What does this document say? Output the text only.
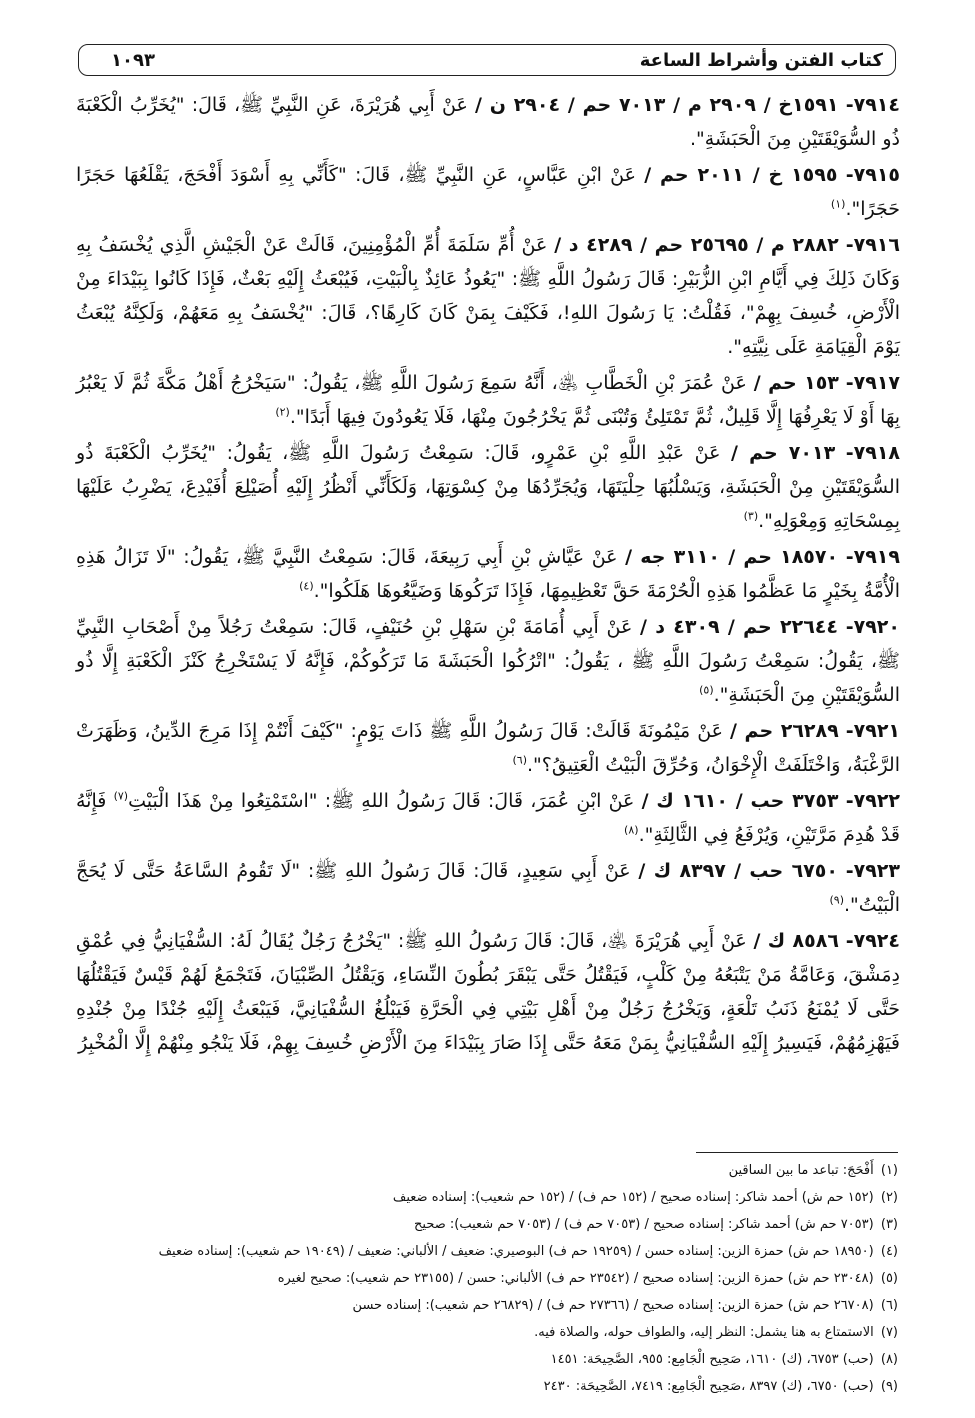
كتاب الفتن وأشراط الساعة
١٠٩٣

٧٩١٤- ١٥٩١خ / ٢٩٠٩ م / ٧٠١٣ حم / ٢٩٠٤ ن / عَنْ أَبِي هُرَيْرَةَ، عَنِ النَّبِيِّ ﷺ، قَالَ: "يُخَرِّبُ الْكَعْبَةَ ذُو السُّوَيْقَتَيْنِ مِنَ الْحَبَشَةِ".

٧٩١٥- ١٥٩٥ خ / ٢٠١١ حم / عَنْ ابْنِ عَبَّاسٍ، عَنِ النَّبِيِّ ﷺ، قَالَ: "كَأَنِّي بِهِ أَسْوَدَ أَفْحَجَ، يَقْلَعُهَا حَجَرًا حَجَرًا".$^{(١)}$

٧٩١٦- ٢٨٨٢ م / ٢٥٦٩٥ حم / ٤٢٨٩ د / عَنْ أُمِّ سَلَمَةَ أُمِّ الْمُؤْمِنِينَ، قَالَتْ عَنْ الْجَيْشِ الَّذِي يُخْسَفُ بِهِ وَكَانَ ذَلِكَ فِي أَيَّامِ ابْنِ الزُّبَيْرِ: قَالَ رَسُولُ اللَّهِ ﷺ: "يَعُوذُ عَائِذٌ بِالْبَيْتِ، فَيُبْعَثُ إِلَيْهِ بَعْثٌ، فَإِذَا كَانُوا بِبَيْدَاءَ مِنْ الْأَرْضِ، خُسِفَ بِهِمْ"، فَقُلْتُ: يَا رَسُولَ اللهِ!، فَكَيْفَ بِمَنْ كَانَ كَارِهًا؟، قَالَ: "يُخْسَفُ بِهِ مَعَهُمْ، وَلَكِنَّهُ يُبْعَثُ يَوْمَ الْقِيَامَةِ عَلَى نِيَّتِهِ".

٧٩١٧- ١٥٣ حم / عَنْ عُمَرَ بْنِ الْخَطَّابِ ﵁، أَنَّهُ سَمِعَ رَسُولَ اللَّهِ ﷺ، يَقُولُ: "سَيَخْرُجُ أَهْلُ مَكَّةَ ثُمَّ لَا يَعْبُرُ بِهَا أَوْ لَا يَعْرِفُهَا إِلَّا قَلِيلٌ، ثُمَّ تَمْتَلِئُ وَتُبْنَى ثُمَّ يَخْرُجُونَ مِنْهَا، فَلَا يَعُودُونَ فِيهَا أَبَدًا".$^{(٢)}$

٧٩١٨- ٧٠١٣ حم / عَنْ عَبْدِ اللَّهِ بْنِ عَمْرٍو، قَالَ: سَمِعْتُ رَسُولَ اللَّهِ ﷺ، يَقُولُ: "يُخَرِّبُ الْكَعْبَةَ ذُو السُّوَيْقَتَيْنِ مِنْ الْحَبَشَةِ، وَيَسْلُبُهَا حِلْيَتَهَا، وَيُجَرِّدُهَا مِنْ كِسْوَتِهَا، وَلَكَأَنِّي أَنْظُرُ إِلَيْهِ أُصَيْلِعَ أُفَيْدِعَ، يَضْرِبُ عَلَيْهَا بِمِسْحَاتِهِ وَمِعْوَلِهِ".$^{(٣)}$

٧٩١٩- ١٨٥٧٠ حم / ٣١١٠ جه / عَنْ عَيَّاشِ بْنِ أَبِي رَبِيعَةَ، قَالَ: سَمِعْتُ النَّبِيَّ ﷺ، يَقُولُ: "لَا تَزَالُ هَذِهِ الْأُمَّةُ بِخَيْرٍ مَا عَظَّمُوا هَذِهِ الْحُرْمَةَ حَقَّ تَعْظِيمِهَا، فَإِذَا تَرَكُوهَا وَضَيَّعُوهَا هَلَكُوا".$^{(٤)}$

٧٩٢٠- ٢٢٦٤٤ حم / ٤٣٠٩ د / عَنْ أَبِي أُمَامَةَ بْنِ سَهْلِ بْنِ حُنَيْفٍ، قَالَ: سَمِعْتُ رَجُلاً مِنْ أَصْحَابِ النَّبِيِّ ﷺ، يَقُولُ: سَمِعْتُ رَسُولَ اللَّهِ ﷺ ، يَقُولُ: "اتْرُكُوا الْحَبَشَةَ مَا تَرَكُوكُمْ، فَإِنَّهُ لَا يَسْتَخْرِجُ كَنْزَ الْكَعْبَةِ إِلَّا ذُو السُّوَيْقَتَيْنِ مِنَ الْحَبَشَةِ".$^{(٥)}$

٧٩٢١- ٢٦٢٨٩ حم / عَنْ مَيْمُونَةَ قَالَتْ: قَالَ رَسُولُ اللَّهِ ﷺ ذَاتَ يَوْمٍ: "كَيْفَ أَنْتُمْ إِذَا مَرِجَ الدِّينُ، وَظَهَرَتْ الرَّغْبَةُ، وَاخْتَلَفَتْ الْإِخْوَانُ، وَحُرِّقَ الْبَيْتُ الْعَتِيقُ؟".$^{(٦)}$

٧٩٢٢- ٣٧٥٣ حب / ١٦١٠ ك / عَنْ ابْنِ عُمَرَ، قَالَ: قَالَ رَسُولُ اللهِ ﷺ: "اسْتَمْتِعُوا مِنْ هَذَا الْبَيْتِ$^{(٧)}$ فَإِنَّهُ قَدْ هُدِمَ مَرَّتَيْنِ، وَيُرْفَعُ فِي الثَّالِثَةِ".$^{(٨)}$

٧٩٢٣- ٦٧٥٠ حب / ٨٣٩٧ ك / عَنْ أَبِي سَعِيدٍ، قَالَ: قَالَ رَسُولُ اللهِ ﷺ: "لَا تَقُومُ السَّاعَةُ حَتَّى لَا يُحَجَّ الْبَيْتُ".$^{(٩)}$

٧٩٢٤- ٨٥٨٦ ك / عَنْ أَبِي هُرَيْرَةَ ﵁، قَالَ: قَالَ رَسُولُ اللهِ ﷺ: "يَخْرُجُ رَجُلٌ يُقَالُ لَهُ: السُّفْيَانِيُّ فِي عُمْقِ دِمَشْقَ، وَعَامَّةُ مَنْ يَتْبَعُهُ مِنْ كَلْبٍ، فَيَقْتُلُ حَتَّى يَبْقَرَ بُطُونَ النِّسَاءِ، وَيَقْتُلُ الصِّبْيَانَ، فَتَجْمَعُ لَهُمْ قَيْسٌ فَيَقْتُلُهَا حَتَّى لَا يُمْنَعُ ذَنَبُ تَلْعَةٍ، وَيَخْرُجُ رَجُلٌ مِنْ أَهْلِ بَيْتِي فِي الْحَرَّةِ فَيَبْلُغُ السُّفْيَانِيَّ، فَيَبْعَثُ إِلَيْهِ جُنْدًا مِنْ جُنْدِهِ فَيَهْزِمُهُمْ، فَيَسِيرُ إِلَيْهِ السُّفْيَانِيُّ بِمَنْ مَعَهُ حَتَّى إِذَا صَارَ بِبَيْدَاءَ مِنَ الْأَرْضِ خُسِفَ بِهِمْ، فَلَا يَنْجُو مِنْهُمْ إِلَّا الْمُخْبِرُ

(١) أَفْحَجَ: تباعد ما بين الساقين
(٢) (١٥٢ حم ش) أحمد شاكر: إسناده صحيح / (١٥٢ حم ف) / (١٥٢ حم شعيب): إسناده ضعيف
(٣) (٧٠٥٣ حم ش) أحمد شاكر: إسناده صحيح / (٧٠٥٣ حم ف) / (٧٠٥٣ حم شعيب): صحيح
(٤) (١٨٩٥٠ حم ش) حمزة الزين: إسناده حسن / (١٩٢٥٩ حم ف) البوصيري: ضعيف / الألباني: ضعيف / (١٩٠٤٩ حم شعيب): إسناده ضعيف
(٥) (٢٣٠٤٨ حم ش) حمزة الزين: إسناده صحيح / (٢٣٥٤٢ حم ف) الألباني: حسن / (٢٣١٥٥ حم شعيب): صحيح لغيره
(٦) (٢٦٧٠٨ حم ش) حمزة الزين: إسناده صحيح / (٢٧٣٦٦ حم ف) / (٢٦٨٢٩ حم شعيب): إسناده حسن
(٧) الاستمتاع به هنا يشمل: النظر إليه، والطواف حوله، والصلاة فيه.
(٨) (حب) ٦٧٥٣، (ك) ١٦١٠، صَحِيح الْجَامِع: ٩٥٥، الصَّحِيحَة: ١٤٥١
(٩) (حب) ٦٧٥٠، (ك) ٨٣٩٧ ،صَحِيح الْجَامِع: ٧٤١٩، الصَّحِيحَة: ٢٤٣٠
